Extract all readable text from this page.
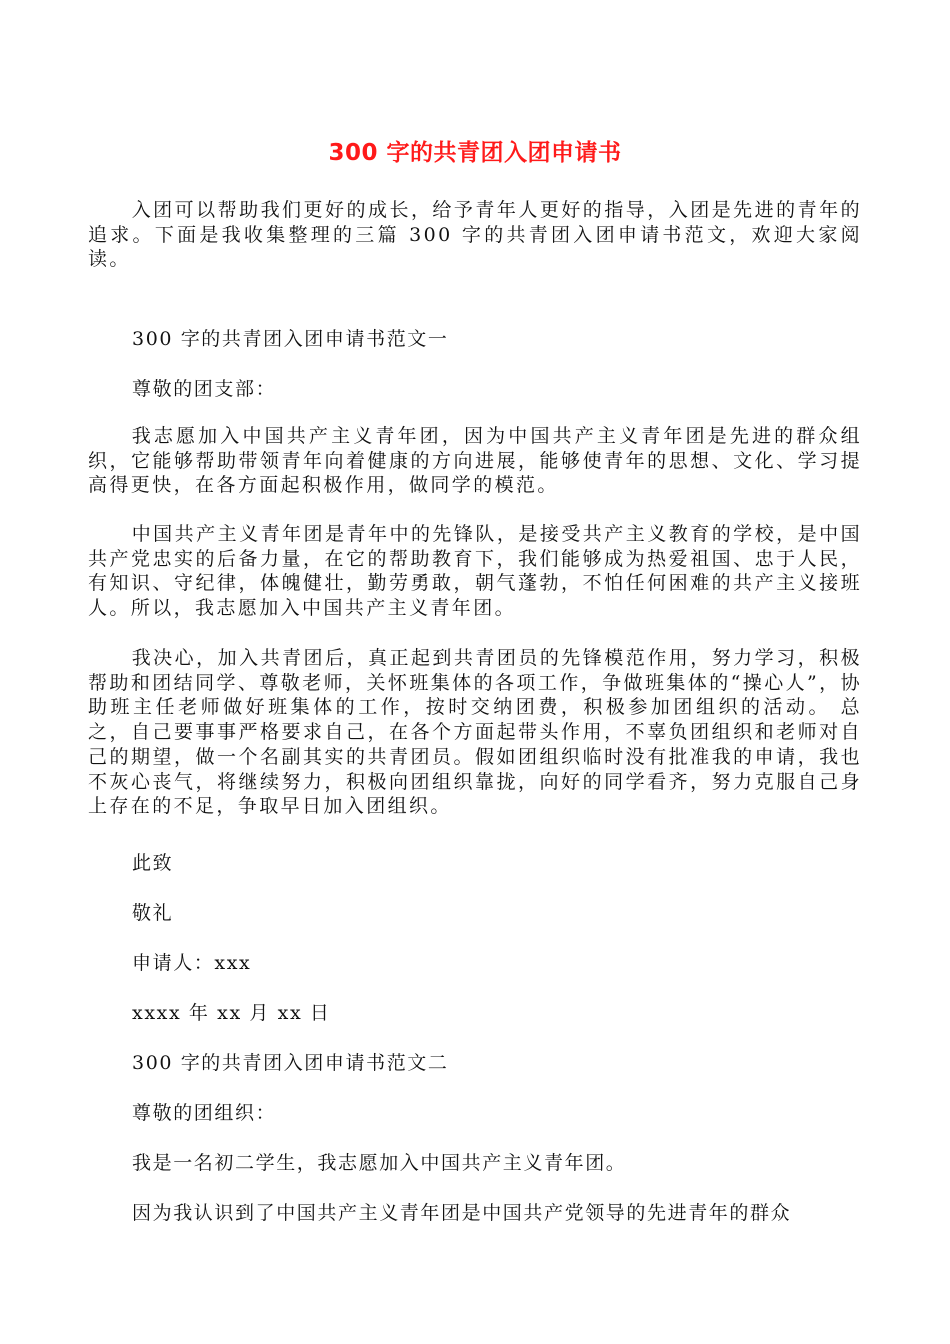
300 字的共青团入团申请书

入团可以帮助我们更好的成长，给予青年人更好的指导，入团是先进的青年的追求。下面是我收集整理的三篇 300 字的共青团入团申请书范文，欢迎大家阅读。

300 字的共青团入团申请书范文一
尊敬的团支部：

我志愿加入中国共产主义青年团，因为中国共产主义青年团是先进的群众组织，它能够帮助带领青年向着健康的方向进展，能够使青年的思想、文化、学习提高得更快，在各方面起积极作用，做同学的模范。

中国共产主义青年团是青年中的先锋队，是接受共产主义教育的学校，是中国共产党忠实的后备力量，在它的帮助教育下，我们能够成为热爱祖国、忠于人民，有知识、守纪律，体魄健壮，勤劳勇敢，朝气蓬勃，不怕任何困难的共产主义接班人。所以，我志愿加入中国共产主义青年团。

我决心，加入共青团后，真正起到共青团员的先锋模范作用，努力学习，积极帮助和团结同学、尊敬老师，关怀班集体的各项工作，争做班集体的“操心人”，协助班主任老师做好班集体的工作，按时交纳团费，积极参加团组织的活动。 总之，自己要事事严格要求自己，在各个方面起带头作用，不辜负团组织和老师对自己的期望，做一个名副其实的共青团员。假如团组织临时没有批准我的申请，我也不灰心丧气，将继续努力，积极向团组织靠拢，向好的同学看齐，努力克服自己身上存在的不足，争取早日加入团组织。

此致
敬礼
申请人：xxx
xxxx 年 xx 月 xx 日
300 字的共青团入团申请书范文二
尊敬的团组织：
我是一名初二学生，我志愿加入中国共产主义青年团。
因为我认识到了中国共产主义青年团是中国共产党领导的先进青年的群众
